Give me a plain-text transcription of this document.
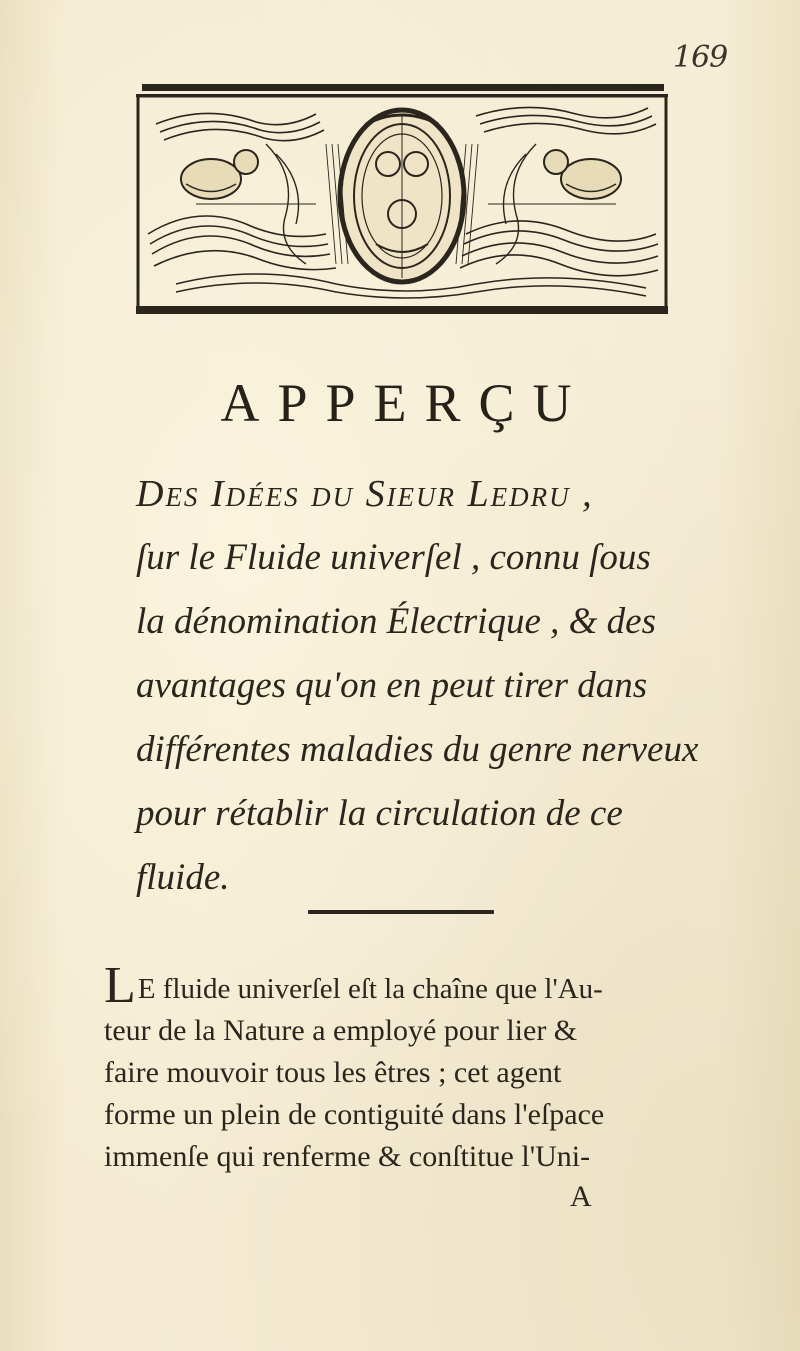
169
APPERÇU
Des Idées du Sieur Ledru ,
ſur le Fluide univerſel , connu ſous
la dénomination Électrique , & des
avantages qu'on en peut tirer dans
différentes maladies du genre nerveux
pour rétablir la circulation de ce
fluide.
LE fluide univerſel eſt la chaîne que l'Au-
teur de la Nature a employé pour lier &
faire mouvoir tous les êtres ; cet agent
forme un plein de contiguité dans l'eſpace
immenſe qui renferme & conſtitue l'Uni-
A
